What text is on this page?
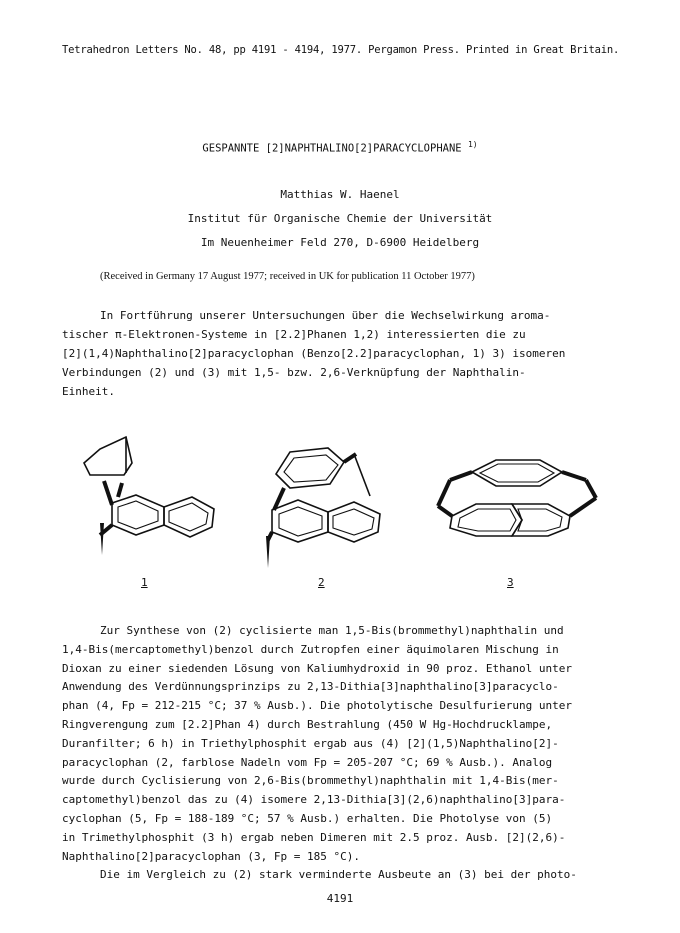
Tetrahedron Letters No. 48, pp 4191 - 4194, 1977. Pergamon Press. Printed in Great Britain.
GESPANNTE [2]NAPHTHALINO[2]PARACYCLOPHANE $^{1)}$
Matthias W. Haenel
Institut für Organische Chemie der Universität
Im Neuenheimer Feld 270, D-6900 Heidelberg
(Received in Germany 17 August 1977; received in UK for publication 11 October 1977)
In Fortführung unserer Untersuchungen über die Wechselwirkung aroma-
tischer π-Elektronen-Systeme in [2.2]Phanen 1,2) interessierten die zu
[2](1,4)Naphthalino[2]paracyclophan (Benzo[2.2]paracyclophan, 1) 3) isomeren
Verbindungen (2) und (3) mit 1,5- bzw. 2,6-Verknüpfung der Naphthalin-
Einheit.
1	2	3
Zur Synthese von (2) cyclisierte man 1,5-Bis(brommethyl)naphthalin und
1,4-Bis(mercaptomethyl)benzol durch Zutropfen einer äquimolaren Mischung in
Dioxan zu einer siedenden Lösung von Kaliumhydroxid in 90 proz. Ethanol unter
Anwendung des Verdünnungsprinzips zu 2,13-Dithia[3]naphthalino[3]paracyclo-
phan (4, Fp = 212-215 °C; 37 % Ausb.). Die photolytische Desulfurierung unter
Ringverengung zum [2.2]Phan 4) durch Bestrahlung (450 W Hg-Hochdrucklampe,
Duranfilter; 6 h) in Triethylphosphit ergab aus (4) [2](1,5)Naphthalino[2]-
paracyclophan (2, farblose Nadeln vom Fp = 205-207 °C; 69 % Ausb.). Analog
wurde durch Cyclisierung von 2,6-Bis(brommethyl)naphthalin mit 1,4-Bis(mer-
captomethyl)benzol das zu (4) isomere 2,13-Dithia[3](2,6)naphthalino[3]para-
cyclophan (5, Fp = 188-189 °C; 57 % Ausb.) erhalten. Die Photolyse von (5)
in Trimethylphosphit (3 h) ergab neben Dimeren mit 2.5 proz. Ausb. [2](2,6)-
Naphthalino[2]paracyclophan (3, Fp = 185 °C).
Die im Vergleich zu (2) stark verminderte Ausbeute an (3) bei der photo-
4191
